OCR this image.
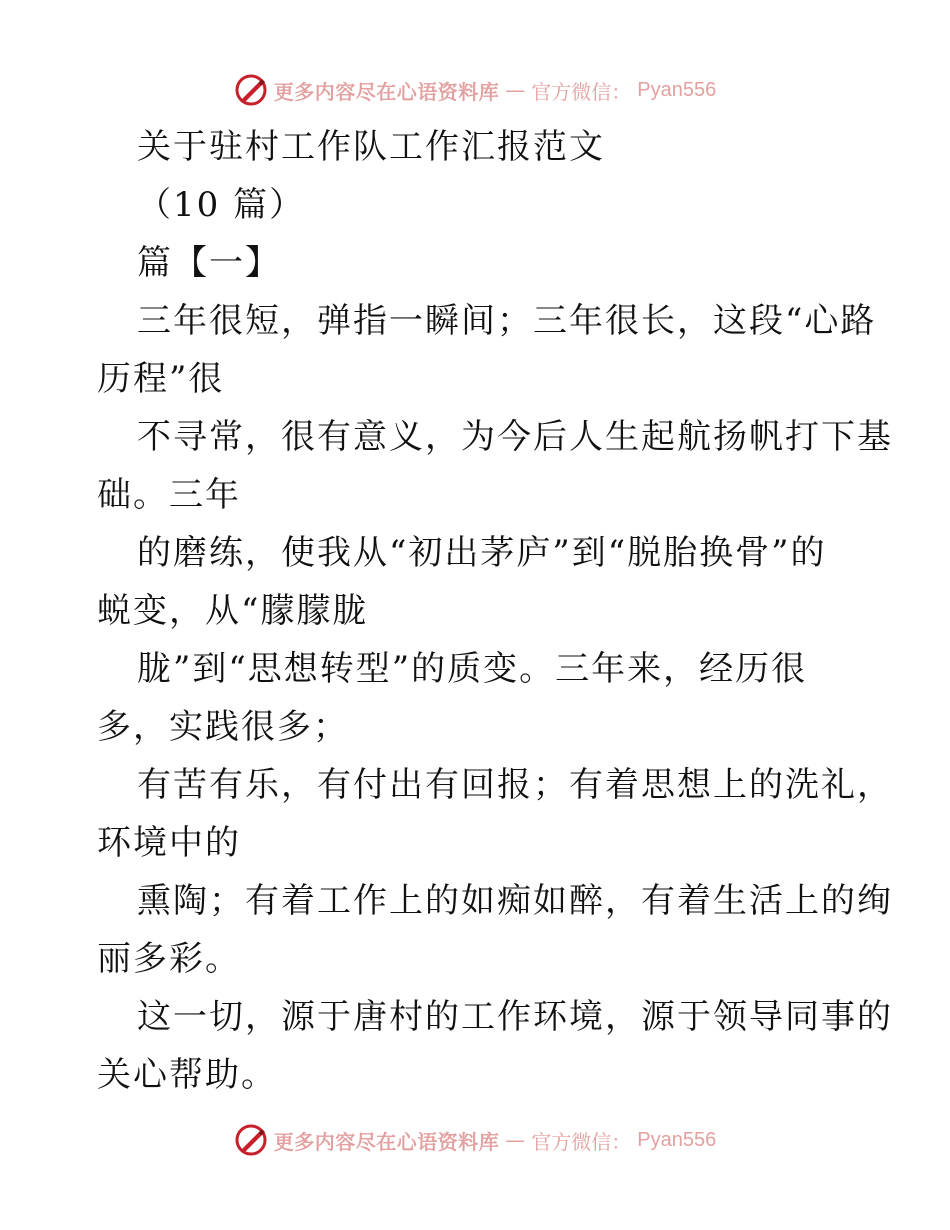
更多内容尽在心语资料库 — 官方微信： Pyan556
关于驻村工作队工作汇报范文
（10 篇）
篇【一】
三年很短，弹指一瞬间；三年很长，这段“心路
历程”很
不寻常，很有意义，为今后人生起航扬帆打下基
础。三年
的磨练，使我从“初出茅庐”到“脱胎换骨”的
蜕变，从“朦朦胧
胧”到“思想转型”的质变。三年来，经历很
多，实践很多；
有苦有乐，有付出有回报；有着思想上的洗礼，
环境中的
熏陶；有着工作上的如痴如醉，有着生活上的绚
丽多彩。
这一切，源于唐村的工作环境，源于领导同事的
关心帮助。
更多内容尽在心语资料库 — 官方微信： Pyan556
